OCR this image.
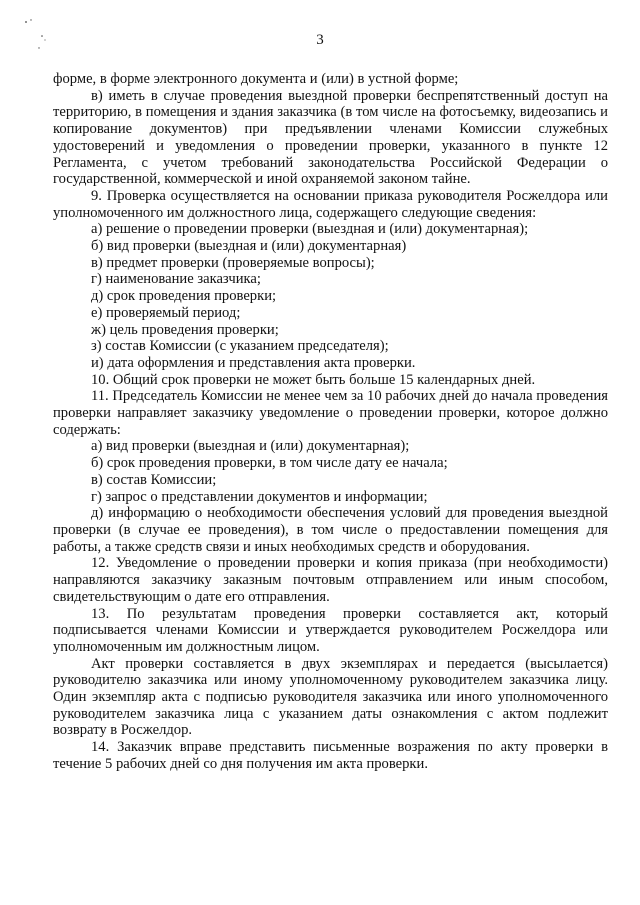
3

форме, в форме электронного документа и (или) в устной форме;

в) иметь в случае проведения выездной проверки беспрепятственный доступ на территорию, в помещения и здания заказчика (в том числе на фотосъемку, видеозапись и копирование документов) при предъявлении членами Комиссии служебных удостоверений и уведомления о проведении проверки, указанного в пункте 12 Регламента, с учетом требований законодательства Российской Федерации о государственной, коммерческой и иной охраняемой законом тайне.

9. Проверка осуществляется на основании приказа руководителя Росжелдора или уполномоченного им должностного лица, содержащего следующие сведения:

а) решение о проведении проверки (выездная и (или) документарная);

б) вид проверки (выездная и (или) документарная)

в) предмет проверки (проверяемые вопросы);

г) наименование заказчика;

д) срок проведения проверки;

е) проверяемый период;

ж) цель проведения проверки;

з) состав Комиссии (с указанием председателя);

и) дата оформления и представления акта проверки.

10. Общий срок проверки не может быть больше 15 календарных дней.

11. Председатель Комиссии не менее чем за 10 рабочих дней до начала проведения проверки направляет заказчику уведомление о проведении проверки, которое должно содержать:

а) вид проверки (выездная и (или) документарная);

б) срок проведения проверки, в том числе дату ее начала;

в) состав Комиссии;

г) запрос о представлении документов и информации;

д) информацию о необходимости обеспечения условий для проведения выездной проверки (в случае ее проведения), в том числе о предоставлении помещения для работы, а также средств связи и иных необходимых средств и оборудования.

12. Уведомление о проведении проверки и копия приказа (при необходимости) направляются заказчику заказным почтовым отправлением или иным способом, свидетельствующим о дате его отправления.

13. По результатам проведения проверки составляется акт, который подписывается членами Комиссии и утверждается руководителем Росжелдора или уполномоченным им должностным лицом.

Акт проверки составляется в двух экземплярах и передается (высылается) руководителю заказчика или иному уполномоченному руководителем заказчика лицу. Один экземпляр акта с подписью руководителя заказчика или иного уполномоченного руководителем заказчика лица с указанием даты ознакомления с актом подлежит возврату в Росжелдор.

14. Заказчик вправе представить письменные возражения по акту проверки в течение 5 рабочих дней со дня получения им акта проверки.
